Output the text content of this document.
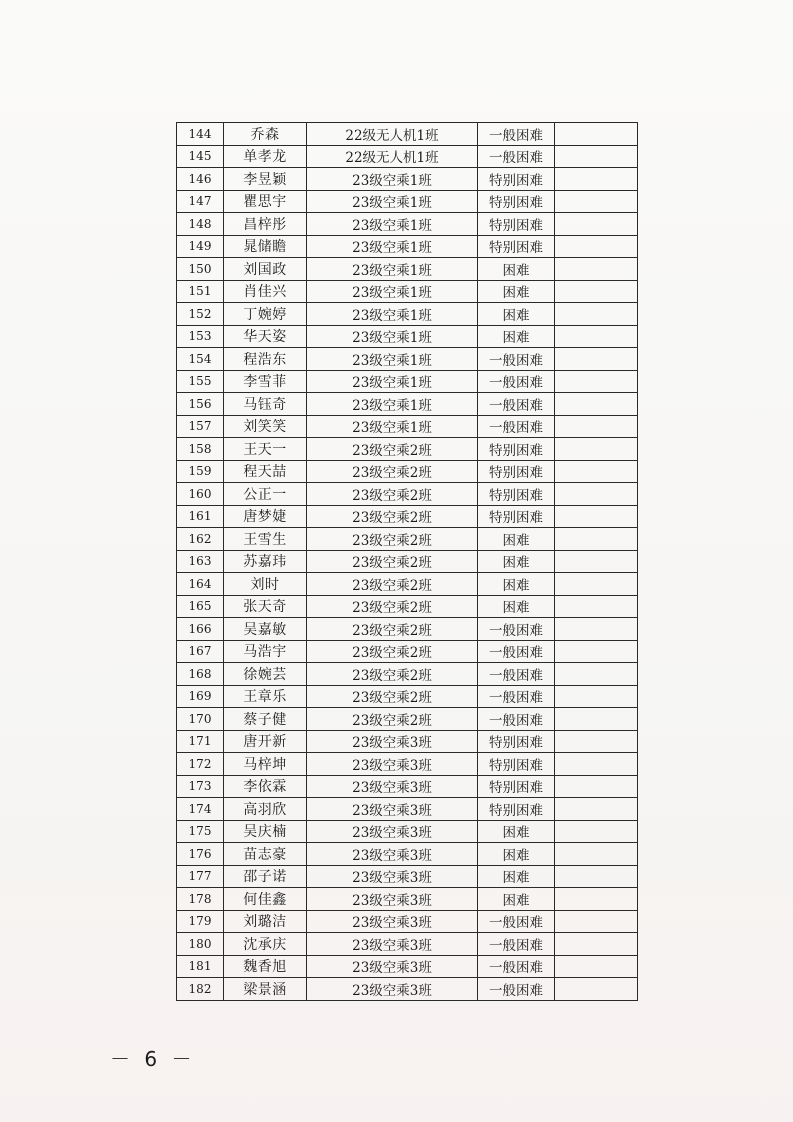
144	乔森	22级无人机1班	一般困难	
145	单孝龙	22级无人机1班	一般困难	
146	李昱颖	23级空乘1班	特别困难	
147	瞿思宇	23级空乘1班	特别困难	
148	昌梓彤	23级空乘1班	特别困难	
149	晁储瞻	23级空乘1班	特别困难	
150	刘国政	23级空乘1班	困难	
151	肖佳兴	23级空乘1班	困难	
152	丁婉婷	23级空乘1班	困难	
153	华天姿	23级空乘1班	困难	
154	程浩东	23级空乘1班	一般困难	
155	李雪菲	23级空乘1班	一般困难	
156	马钰奇	23级空乘1班	一般困难	
157	刘笑笑	23级空乘1班	一般困难	
158	王天一	23级空乘2班	特别困难	
159	程天喆	23级空乘2班	特别困难	
160	公正一	23级空乘2班	特别困难	
161	唐梦婕	23级空乘2班	特别困难	
162	王雪生	23级空乘2班	困难	
163	苏嘉玮	23级空乘2班	困难	
164	刘时	23级空乘2班	困难	
165	张天奇	23级空乘2班	困难	
166	吴嘉敏	23级空乘2班	一般困难	
167	马浩宇	23级空乘2班	一般困难	
168	徐婉芸	23级空乘2班	一般困难	
169	王章乐	23级空乘2班	一般困难	
170	蔡子健	23级空乘2班	一般困难	
171	唐开新	23级空乘3班	特别困难	
172	马梓坤	23级空乘3班	特别困难	
173	李依霖	23级空乘3班	特别困难	
174	高羽欣	23级空乘3班	特别困难	
175	吴庆楠	23级空乘3班	困难	
176	苗志豪	23级空乘3班	困难	
177	邵子诺	23级空乘3班	困难	
178	何佳鑫	23级空乘3班	困难	
179	刘璐洁	23级空乘3班	一般困难	
180	沈承庆	23级空乘3班	一般困难	
181	魏香旭	23级空乘3班	一般困难	
182	梁景涵	23级空乘3班	一般困难	
－ 6 －
